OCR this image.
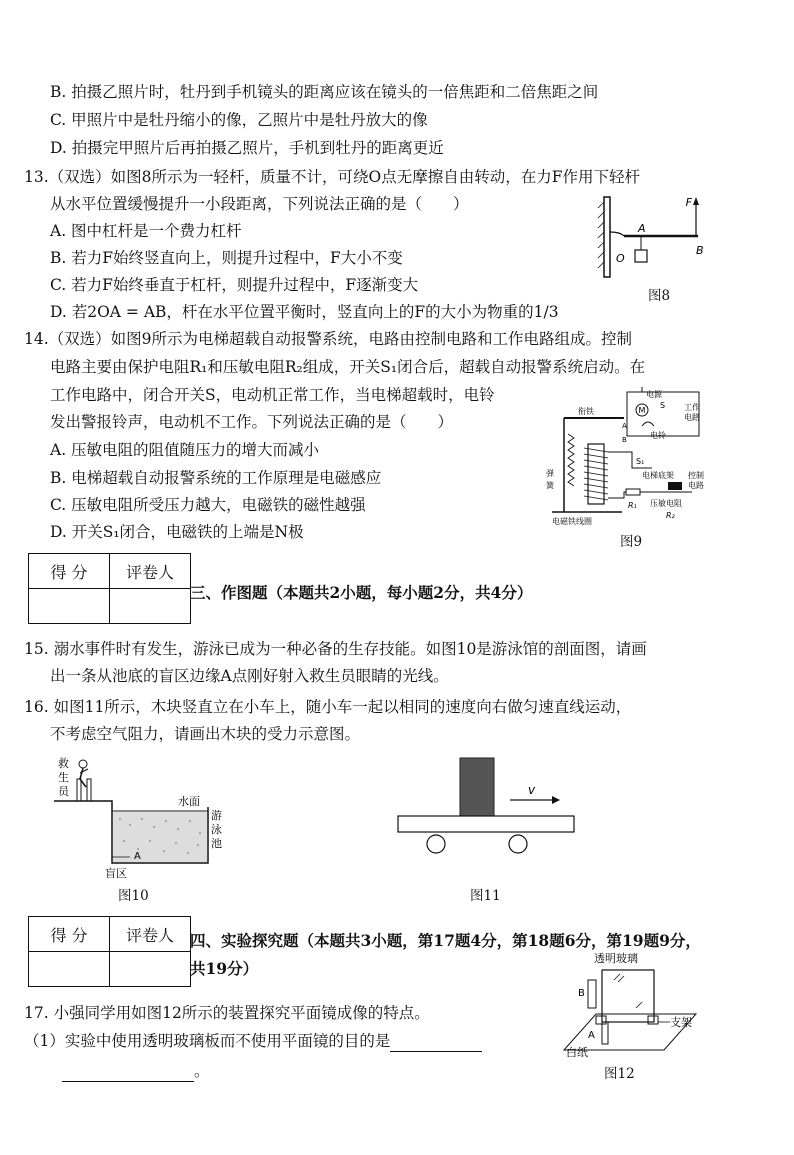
B. 拍摄乙照片时，牡丹到手机镜头的距离应该在镜头的一倍焦距和二倍焦距之间
C. 甲照片中是牡丹缩小的像，乙照片中是牡丹放大的像
D. 拍摄完甲照片后再拍摄乙照片，手机到牡丹的距离更近
13.（双选）如图8所示为一轻杆，质量不计，可绕O点无摩擦自由转动，在力F作用下轻杆
从水平位置缓慢提升一小段距离，下列说法正确的是（　　）
A. 图中杠杆是一个费力杠杆
B. 若力F始终竖直向上，则提升过程中，F大小不变
C. 若力F始终垂直于杠杆，则提升过程中，F逐渐变大
D. 若2OA = AB，杆在水平位置平衡时，竖直向上的F的大小为物重的1/3
F
A
B
O
图8
14.（双选）如图9所示为电梯超载自动报警系统，电路由控制电路和工作电路组成。控制
电路主要由保护电阻R₁和压敏电阻R₂组成，开关S₁闭合后，超载自动报警系统启动。在
工作电路中，闭合开关S，电动机正常工作，当电梯超载时，电铃
发出警报铃声，电动机不工作。下列说法正确的是（　　）
A. 压敏电阻的阻值随压力的增大而减小
B. 电梯超载自动报警系统的工作原理是电磁感应
C. 压敏电阻所受压力越大，电磁铁的磁性越强
D. 开关S₁闭合，电磁铁的上端是N极
电源
M
S 工作
电路
电铃
衔铁
A
B
弹
簧
电磁铁线圈
S₁
电梯底架 控制
电路
R₁ 压敏电阻
R₂
图9
得 分	评卷人

三、作图题（本题共2小题，每小题2分，共4分）
15. 溺水事件时有发生，游泳已成为一种必备的生存技能。如图10是游泳馆的剖面图，请画
出一条从池底的盲区边缘A点刚好射入救生员眼睛的光线。
16. 如图11所示，木块竖直立在小车上，随小车一起以相同的速度向右做匀速直线运动，
不考虑空气阻力，请画出木块的受力示意图。
救
生
员
水面
游
泳
池
A
盲区
图10
v
图11
得 分	评卷人
	四、实验探究题（本题共3小题，第17题4分，第18题6分，第19题9分，
共19分）
17. 小强同学用如图12所示的装置探究平面镜成像的特点。
（1）实验中使用透明玻璃板而不使用平面镜的目的是
。
透明玻璃
B
A
支架
白纸
图12
